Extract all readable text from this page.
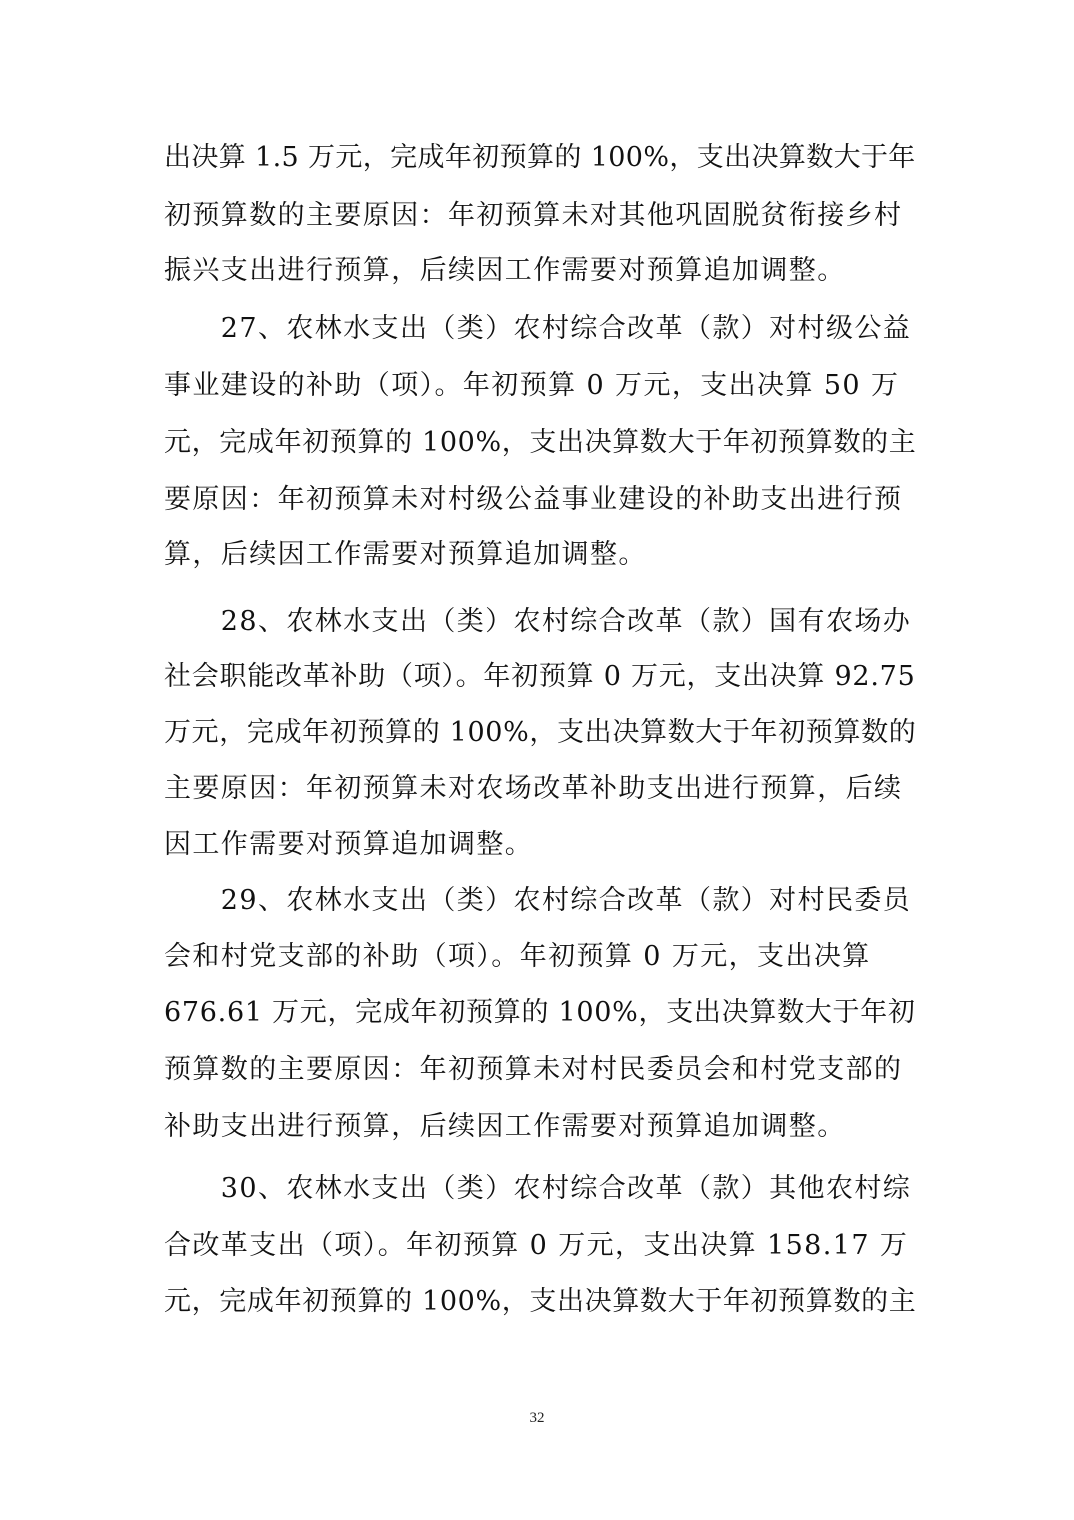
出决算 1.5 万元，完成年初预算的 100%，支出决算数大于年
初预算数的主要原因：年初预算未对其他巩固脱贫衔接乡村
振兴支出进行预算，后续因工作需要对预算追加调整。
　　27、农林水支出（类）农村综合改革（款）对村级公益
事业建设的补助（项）。年初预算 0 万元，支出决算 50 万
元，完成年初预算的 100%，支出决算数大于年初预算数的主
要原因：年初预算未对村级公益事业建设的补助支出进行预
算，后续因工作需要对预算追加调整。
　　28、农林水支出（类）农村综合改革（款）国有农场办
社会职能改革补助（项）。年初预算 0 万元，支出决算 92.75
万元，完成年初预算的 100%，支出决算数大于年初预算数的
主要原因：年初预算未对农场改革补助支出进行预算，后续
因工作需要对预算追加调整。
　　29、农林水支出（类）农村综合改革（款）对村民委员
会和村党支部的补助（项）。年初预算 0 万元，支出决算
676.61 万元，完成年初预算的 100%，支出决算数大于年初
预算数的主要原因：年初预算未对村民委员会和村党支部的
补助支出进行预算，后续因工作需要对预算追加调整。
　　30、农林水支出（类）农村综合改革（款）其他农村综
合改革支出（项）。年初预算 0 万元，支出决算 158.17 万
元，完成年初预算的 100%，支出决算数大于年初预算数的主
32
